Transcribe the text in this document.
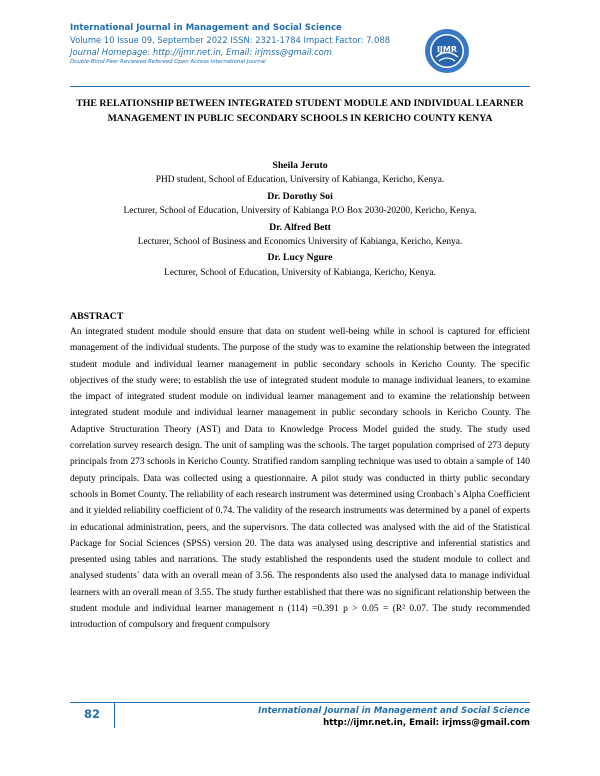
International Journal in Management and Social Science
Volume 10 Issue 09, September 2022 ISSN: 2321-1784 Impact Factor: 7.088
Journal Homepage: http://ijmr.net.in, Email: irjmss@gmail.com
Double-Blind Peer Reviewed Refereed Open Access International Journal
IJMR
THE RELATIONSHIP BETWEEN INTEGRATED STUDENT MODULE AND INDIVIDUAL LEARNER MANAGEMENT IN PUBLIC SECONDARY SCHOOLS IN KERICHO COUNTY KENYA
Sheila Jeruto
PHD student, School of Education, University of Kabianga, Kericho, Kenya.
Dr. Dorothy Soi
Lecturer, School of Education, University of Kabianga P.O Box 2030-20200, Kericho, Kenya.
Dr. Alfred Bett
Lecturer, School of Business and Economics University of Kabianga, Kericho, Kenya.
Dr. Lucy Ngure
Lecturer, School of Education, University of Kabianga, Kericho, Kenya.
ABSTRACT

An integrated student module should ensure that data on student well-being while in school is captured for efficient management of the individual students. The purpose of the study was to examine the relationship between the integrated student module and individual learner management in public secondary schools in Kericho County. The specific objectives of the study were; to establish the use of integrated student module to manage individual leaners, to examine the impact of integrated student module on individual learner management and to examine the relationship between integrated student module and individual learner management in public secondary schools in Kericho County. The Adaptive Structuration Theory (AST) and Data to Knowledge Process Model guided the study. The study used correlation survey research design. The unit of sampling was the schools. The target population comprised of 273 deputy principals from 273 schools in Kericho County. Stratified random sampling technique was used to obtain a sample of 140 deputy principals. Data was collected using a questionnaire. A pilot study was conducted in thirty public secondary schools in Bomet County. The reliability of each research instrument was determined using Cronbach`s Alpha Coefficient and it yielded reliability coefficient of 0.74. The validity of the research instruments was determined by a panel of experts in educational administration, peers, and the supervisors. The data collected was analysed with the aid of the Statistical Package for Social Sciences (SPSS) version 20. The data was analysed using descriptive and inferential statistics and presented using tables and narrations. The study established the respondents used the student module to collect and analysed students` data with an overall mean of 3.56. The respondents also used the analysed data to manage individual learners with an overall mean of 3.55. The study further established that there was no significant relationship between the student module and individual learner management n (114) =0.391 p > 0.05 = (R² 0.07. The study recommended introduction of compulsory and frequent compulsory

82	International Journal in Management and Social Science
http://ijmr.net.in, Email: irjmss@gmail.com
